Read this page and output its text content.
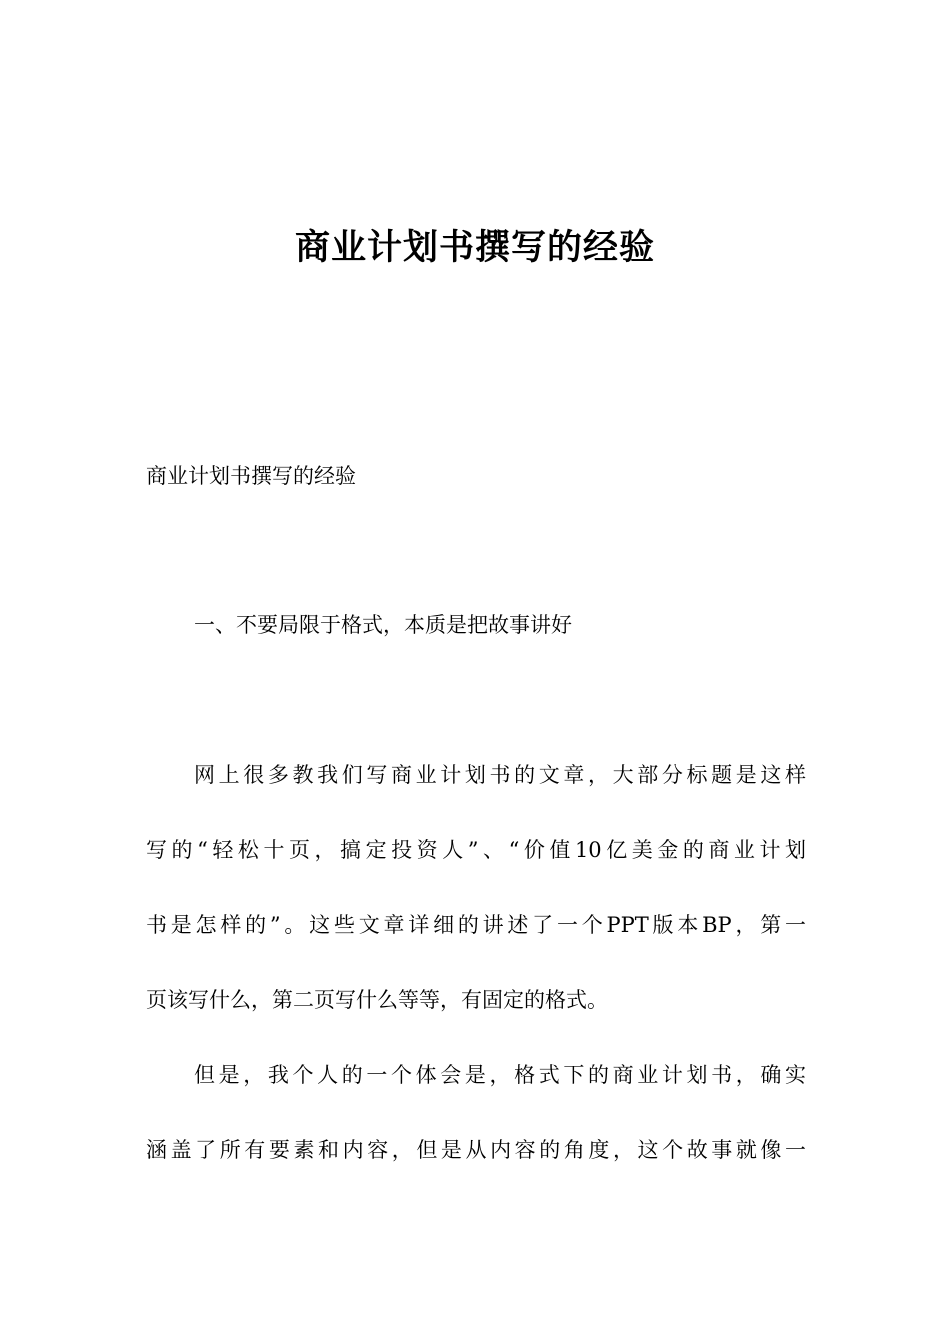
商业计划书撰写的经验
商业计划书撰写的经验
一、不要局限于格式，本质是把故事讲好
网上很多教我们写商业计划书的文章，大部分标题是这样
写的“轻松十页，搞定投资人”、“价值10亿美金的商业计划
书是怎样的”。这些文章详细的讲述了一个PPT版本BP，第一
页该写什么，第二页写什么等等，有固定的格式。
但是，我个人的一个体会是，格式下的商业计划书，确实
涵盖了所有要素和内容，但是从内容的角度，这个故事就像一
